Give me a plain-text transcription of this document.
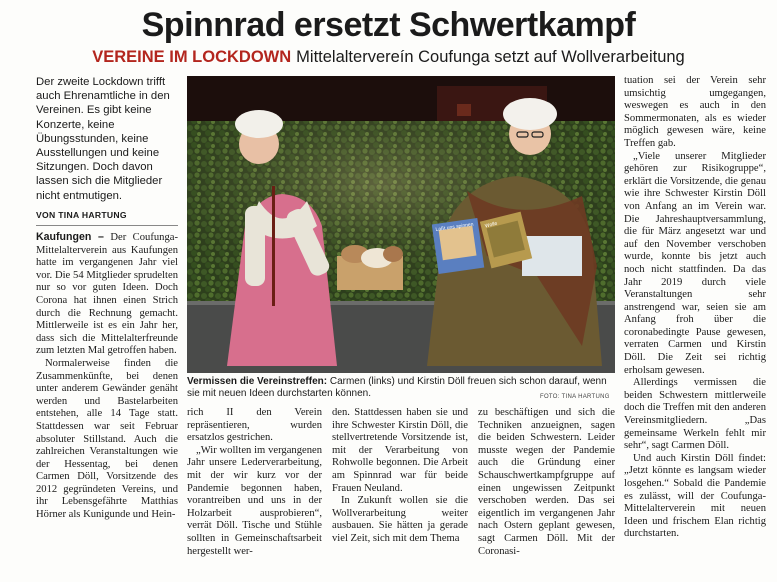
Spinnrad ersetzt Schwertkampf
VEREINE IM LOCKDOWN Mittelaltervereín Coufunga setzt auf Wollverarbeitung
Der zweite Lockdown trifft auch Ehrenamtliche in den Vereinen. Es gibt keine Konzerte, keine Übungsstunden, keine Ausstellungen und keine Sitzungen. Doch davon lassen sich die Mitglieder nicht entmutigen.
VON TINA HARTUNG

Kaufungen – Der Coufunga-Mittelalterverein aus Kaufungen hatte im vergangenen Jahr viel vor. Die 54 Mitglieder sprudelten nur so vor guten Ideen. Doch Corona hat ihnen einen Strich durch die Rechnung gemacht. Mittlerweile ist es ein Jahr her, dass sich die Mittelalterfreunde zum letzten Mal getroffen haben.

Normalerweise finden die Zusammenkünfte, bei denen unter anderem Gewänder genäht werden und Bastelarbeiten entstehen, alle 14 Tage statt. Stattdessen war seit Februar absoluter Stillstand. Auch die zahlreichen Veranstaltungen wie der Hessentag, bei denen Carmen Döll, Vorsitzende des 2012 gegründeten Vereins, und ihr Lebensgefährte Matthias Hörner als Kunigunde und Hein-

Laßt uns spinnen Wolle
Vermissen die Vereinstreffen: Carmen (links) und Kirstin Döll freuen sich schon darauf, wenn sie mit neuen Ideen durchstarten können.	FOTO: TINA HARTUNG

rich II den Verein repräsentieren, wurden ersatzlos gestrichen.

„Wir wollten im vergangenen Jahr unsere Lederverarbeitung, mit der wir kurz vor der Pandemie begonnen haben, vorantreiben und uns in der Holzarbeit ausprobieren“, verrät Döll. Tische und Stühle sollten in Gemeinschaftsarbeit hergestellt wer-

den. Stattdessen haben sie und ihre Schwester Kirstin Döll, die stellvertretende Vorsitzende ist, mit der Verarbeitung von Rohwolle begonnen. Die Arbeit am Spinnrad war für beide Frauen Neuland.

In Zukunft wollen sie die Wollverarbeitung weiter ausbauen. Sie hätten ja gerade viel Zeit, sich mit dem Thema

zu beschäftigen und sich die Techniken anzueignen, sagen die beiden Schwestern. Leider musste wegen der Pandemie auch die Gründung einer Schauschwertkampfgruppe auf einen ungewissen Zeitpunkt verschoben werden. Das sei eigentlich im vergangenen Jahr nach Ostern geplant gewesen, sagt Carmen Döll. Mit der Coronasi-

tuation sei der Verein sehr umsichtig umgegangen, weswegen es auch in den Sommermonaten, als es wieder möglich gewesen wäre, keine Treffen gab.

„Viele unserer Mitglieder gehören zur Risikogruppe“, erklärt die Vorsitzende, die genau wie ihre Schwester Kirstin Döll von Anfang an im Verein war. Die Jahreshauptversammlung, die für März angesetzt war und auf den November verschoben wurde, konnte bis jetzt auch noch nicht stattfinden. Da das Jahr 2019 durch viele Veranstaltungen sehr anstrengend war, seien sie am Anfang froh über die coronabedingte Pause gewesen, verraten Carmen und Kirstin Döll. Die Zeit sei richtig erholsam gewesen.

Allerdings vermissen die beiden Schwestern mittlerweile doch die Treffen mit den anderen Vereinsmitgliedern. „Das gemeinsame Werkeln fehlt mir sehr“, sagt Carmen Döll.

Und auch Kirstin Döll findet: „Jetzt könnte es langsam wieder losgehen.“ Sobald die Pandemie es zulässt, will der Coufunga-Mittelalterverein mit neuen Ideen und frischem Elan richtig durchstarten.
